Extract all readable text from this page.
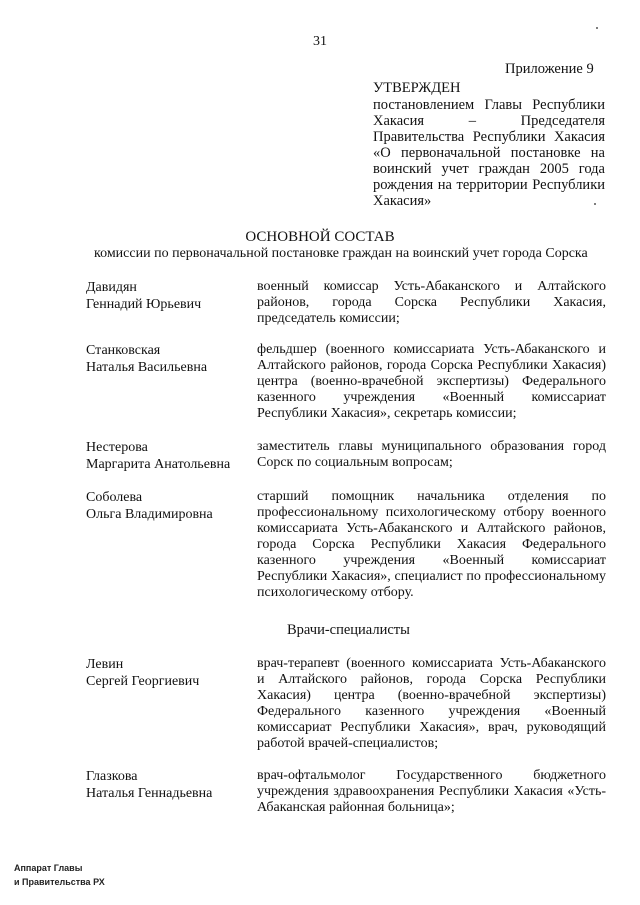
31
Приложение 9
УТВЕРЖДЕН
постановлением Главы Республики Хакасия – Председателя Правительства Республики Хакасия «О первоначальной постановке на воинский учет граждан 2005 года рождения на территории Республики Хакасия»
ОСНОВНОЙ СОСТАВ
комиссии по первоначальной постановке граждан на воинский учет города Сорска
Давидян
Геннадий Юрьевич
военный комиссар Усть-Абаканского и Алтайского районов, города Сорска Республики Хакасия, председатель комиссии;
Станковская
Наталья Васильевна
фельдшер (военного комиссариата Усть-Абаканского и Алтайского районов, города Сорска Республики Хакасия) центра (военно-врачебной экспертизы) Федерального казенного учреждения «Военный комиссариат Республики Хакасия», секретарь комиссии;
Нестерова
Маргарита Анатольевна
заместитель главы муниципального образования город Сорск по социальным вопросам;
Соболева
Ольга Владимировна
старший помощник начальника отделения по профессиональному психологическому отбору военного комиссариата Усть-Абаканского и Алтайского районов, города Сорска Республики Хакасия Федерального казенного учреждения «Военный комиссариат Республики Хакасия», специалист по профессиональному психологическому отбору.
Врачи-специалисты
Левин
Сергей Георгиевич
врач-терапевт (военного комиссариата Усть-Абаканского и Алтайского районов, города Сорска Республики Хакасия) центра (военно-врачебной экспертизы) Федерального казенного учреждения «Военный комиссариат Республики Хакасия», врач, руководящий работой врачей-специалистов;
Глазкова
Наталья Геннадьевна
врач-офтальмолог Государственного бюджетного учреждения здравоохранения Республики Хакасия «Усть-Абаканская районная больница»;
Аппарат Главы
и Правительства РХ
